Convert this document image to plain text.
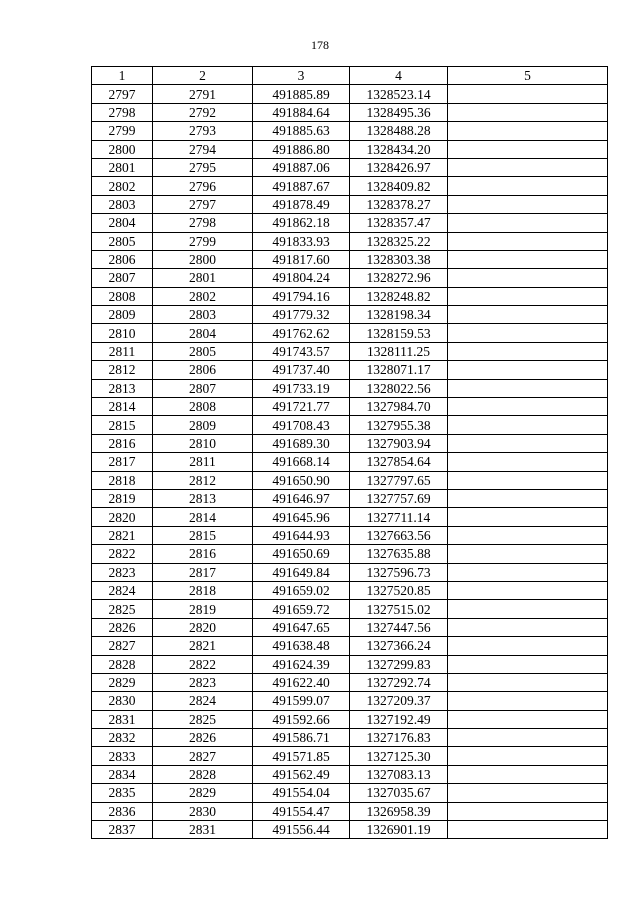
178
1	2	3	4	5
2797	2791	491885.89	1328523.14	
2798	2792	491884.64	1328495.36	
2799	2793	491885.63	1328488.28	
2800	2794	491886.80	1328434.20	
2801	2795	491887.06	1328426.97	
2802	2796	491887.67	1328409.82	
2803	2797	491878.49	1328378.27	
2804	2798	491862.18	1328357.47	
2805	2799	491833.93	1328325.22	
2806	2800	491817.60	1328303.38	
2807	2801	491804.24	1328272.96	
2808	2802	491794.16	1328248.82	
2809	2803	491779.32	1328198.34	
2810	2804	491762.62	1328159.53	
2811	2805	491743.57	1328111.25	
2812	2806	491737.40	1328071.17	
2813	2807	491733.19	1328022.56	
2814	2808	491721.77	1327984.70	
2815	2809	491708.43	1327955.38	
2816	2810	491689.30	1327903.94	
2817	2811	491668.14	1327854.64	
2818	2812	491650.90	1327797.65	
2819	2813	491646.97	1327757.69	
2820	2814	491645.96	1327711.14	
2821	2815	491644.93	1327663.56	
2822	2816	491650.69	1327635.88	
2823	2817	491649.84	1327596.73	
2824	2818	491659.02	1327520.85	
2825	2819	491659.72	1327515.02	
2826	2820	491647.65	1327447.56	
2827	2821	491638.48	1327366.24	
2828	2822	491624.39	1327299.83	
2829	2823	491622.40	1327292.74	
2830	2824	491599.07	1327209.37	
2831	2825	491592.66	1327192.49	
2832	2826	491586.71	1327176.83	
2833	2827	491571.85	1327125.30	
2834	2828	491562.49	1327083.13	
2835	2829	491554.04	1327035.67	
2836	2830	491554.47	1326958.39	
2837	2831	491556.44	1326901.19	
